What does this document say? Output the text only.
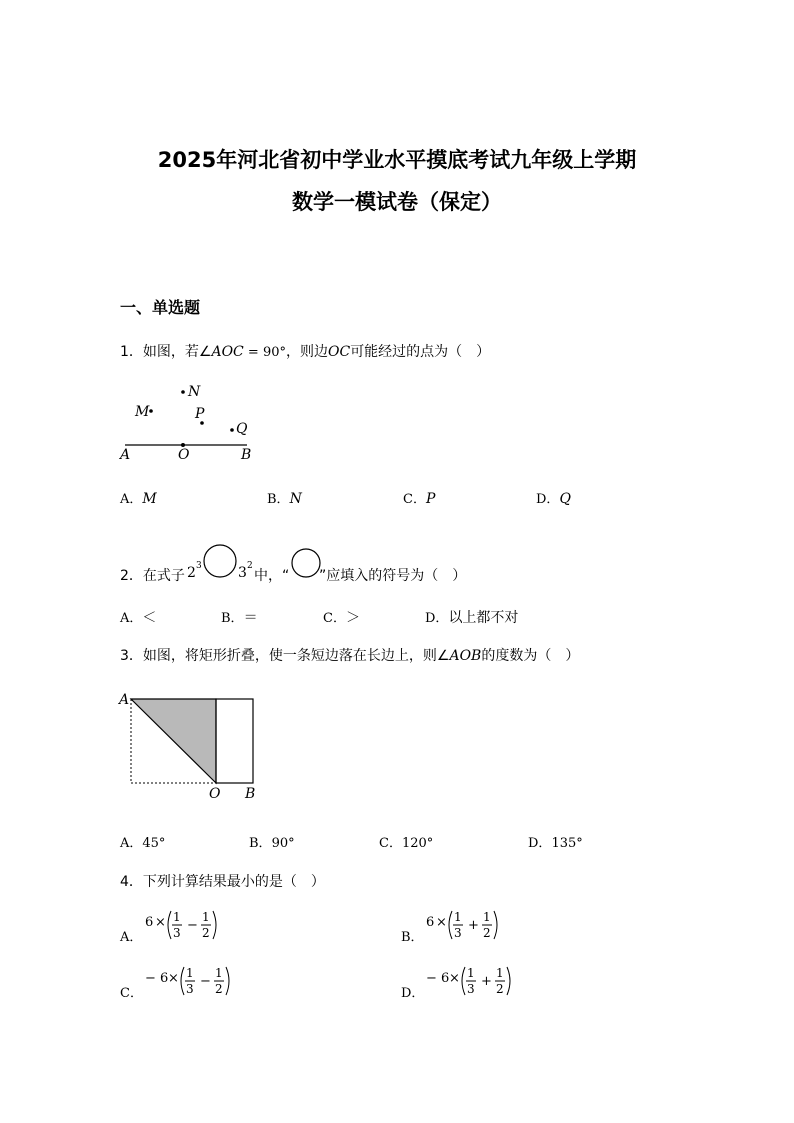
2025年河北省初中学业水平摸底考试九年级上学期
数学一模试卷（保定）
一、单选题
1．如图，若∠AOC = 90°，则边OC可能经过的点为（　）
N
M	P
Q
A	O	B
A．M	B．N	C．P	D．Q
2．在式子 2 3	3 2
中，“ ”应填入的符号为（　）
A．＜	B．＝	C．＞	D．以上都不对
3．如图，将矩形折叠，使一条短边落在长边上，则∠AOB的度数为（　）
A
O B
A．45°	B．90°	C．120°	D．135°
4．下列计算结果最小的是（　）
A．
6 × 1
3 −
1
2	B．
6 × 1
3 +
1
2
C．
− 6 × 1
3 −
1
2	D．
− 6 × 1
3 +
1
2
